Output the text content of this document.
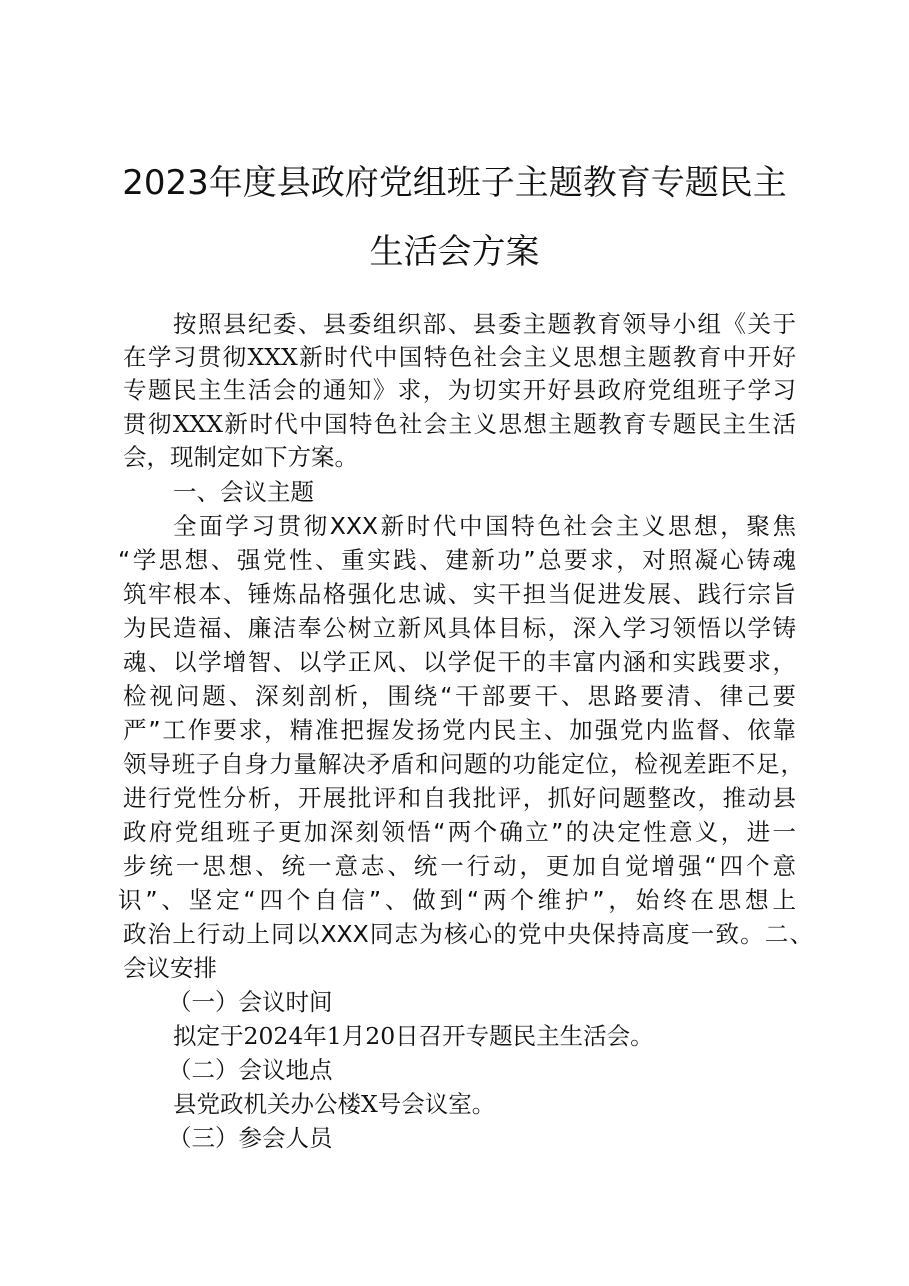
2023年度县政府党组班子主题教育专题民主
生活会方案
按照县纪委、县委组织部、县委主题教育领导小组《关于
在学习贯彻XXX新时代中国特色社会主义思想主题教育中开好
专题民主生活会的通知》求，为切实开好县政府党组班子学习
贯彻XXX新时代中国特色社会主义思想主题教育专题民主生活
会，现制定如下方案。
一、会议主题
全面学习贯彻XXX新时代中国特色社会主义思想，聚焦
“学思想、强党性、重实践、建新功”总要求，对照凝心铸魂
筑牢根本、锤炼品格强化忠诚、实干担当促进发展、践行宗旨
为民造福、廉洁奉公树立新风具体目标，深入学习领悟以学铸
魂、以学增智、以学正风、以学促干的丰富内涵和实践要求，
检视问题、深刻剖析，围绕“干部要干、思路要清、律己要
严”工作要求，精准把握发扬党内民主、加强党内监督、依靠
领导班子自身力量解决矛盾和问题的功能定位，检视差距不足，
进行党性分析，开展批评和自我批评，抓好问题整改，推动县
政府党组班子更加深刻领悟“两个确立”的决定性意义，进一
步统一思想、统一意志、统一行动，更加自觉增强“四个意
识”、坚定“四个自信”、做到“两个维护”，始终在思想上
政治上行动上同以XXX同志为核心的党中央保持高度一致。二、
会议安排
（一）会议时间
拟定于2024年1月20日召开专题民主生活会。
（二）会议地点
县党政机关办公楼X号会议室。
（三）参会人员
